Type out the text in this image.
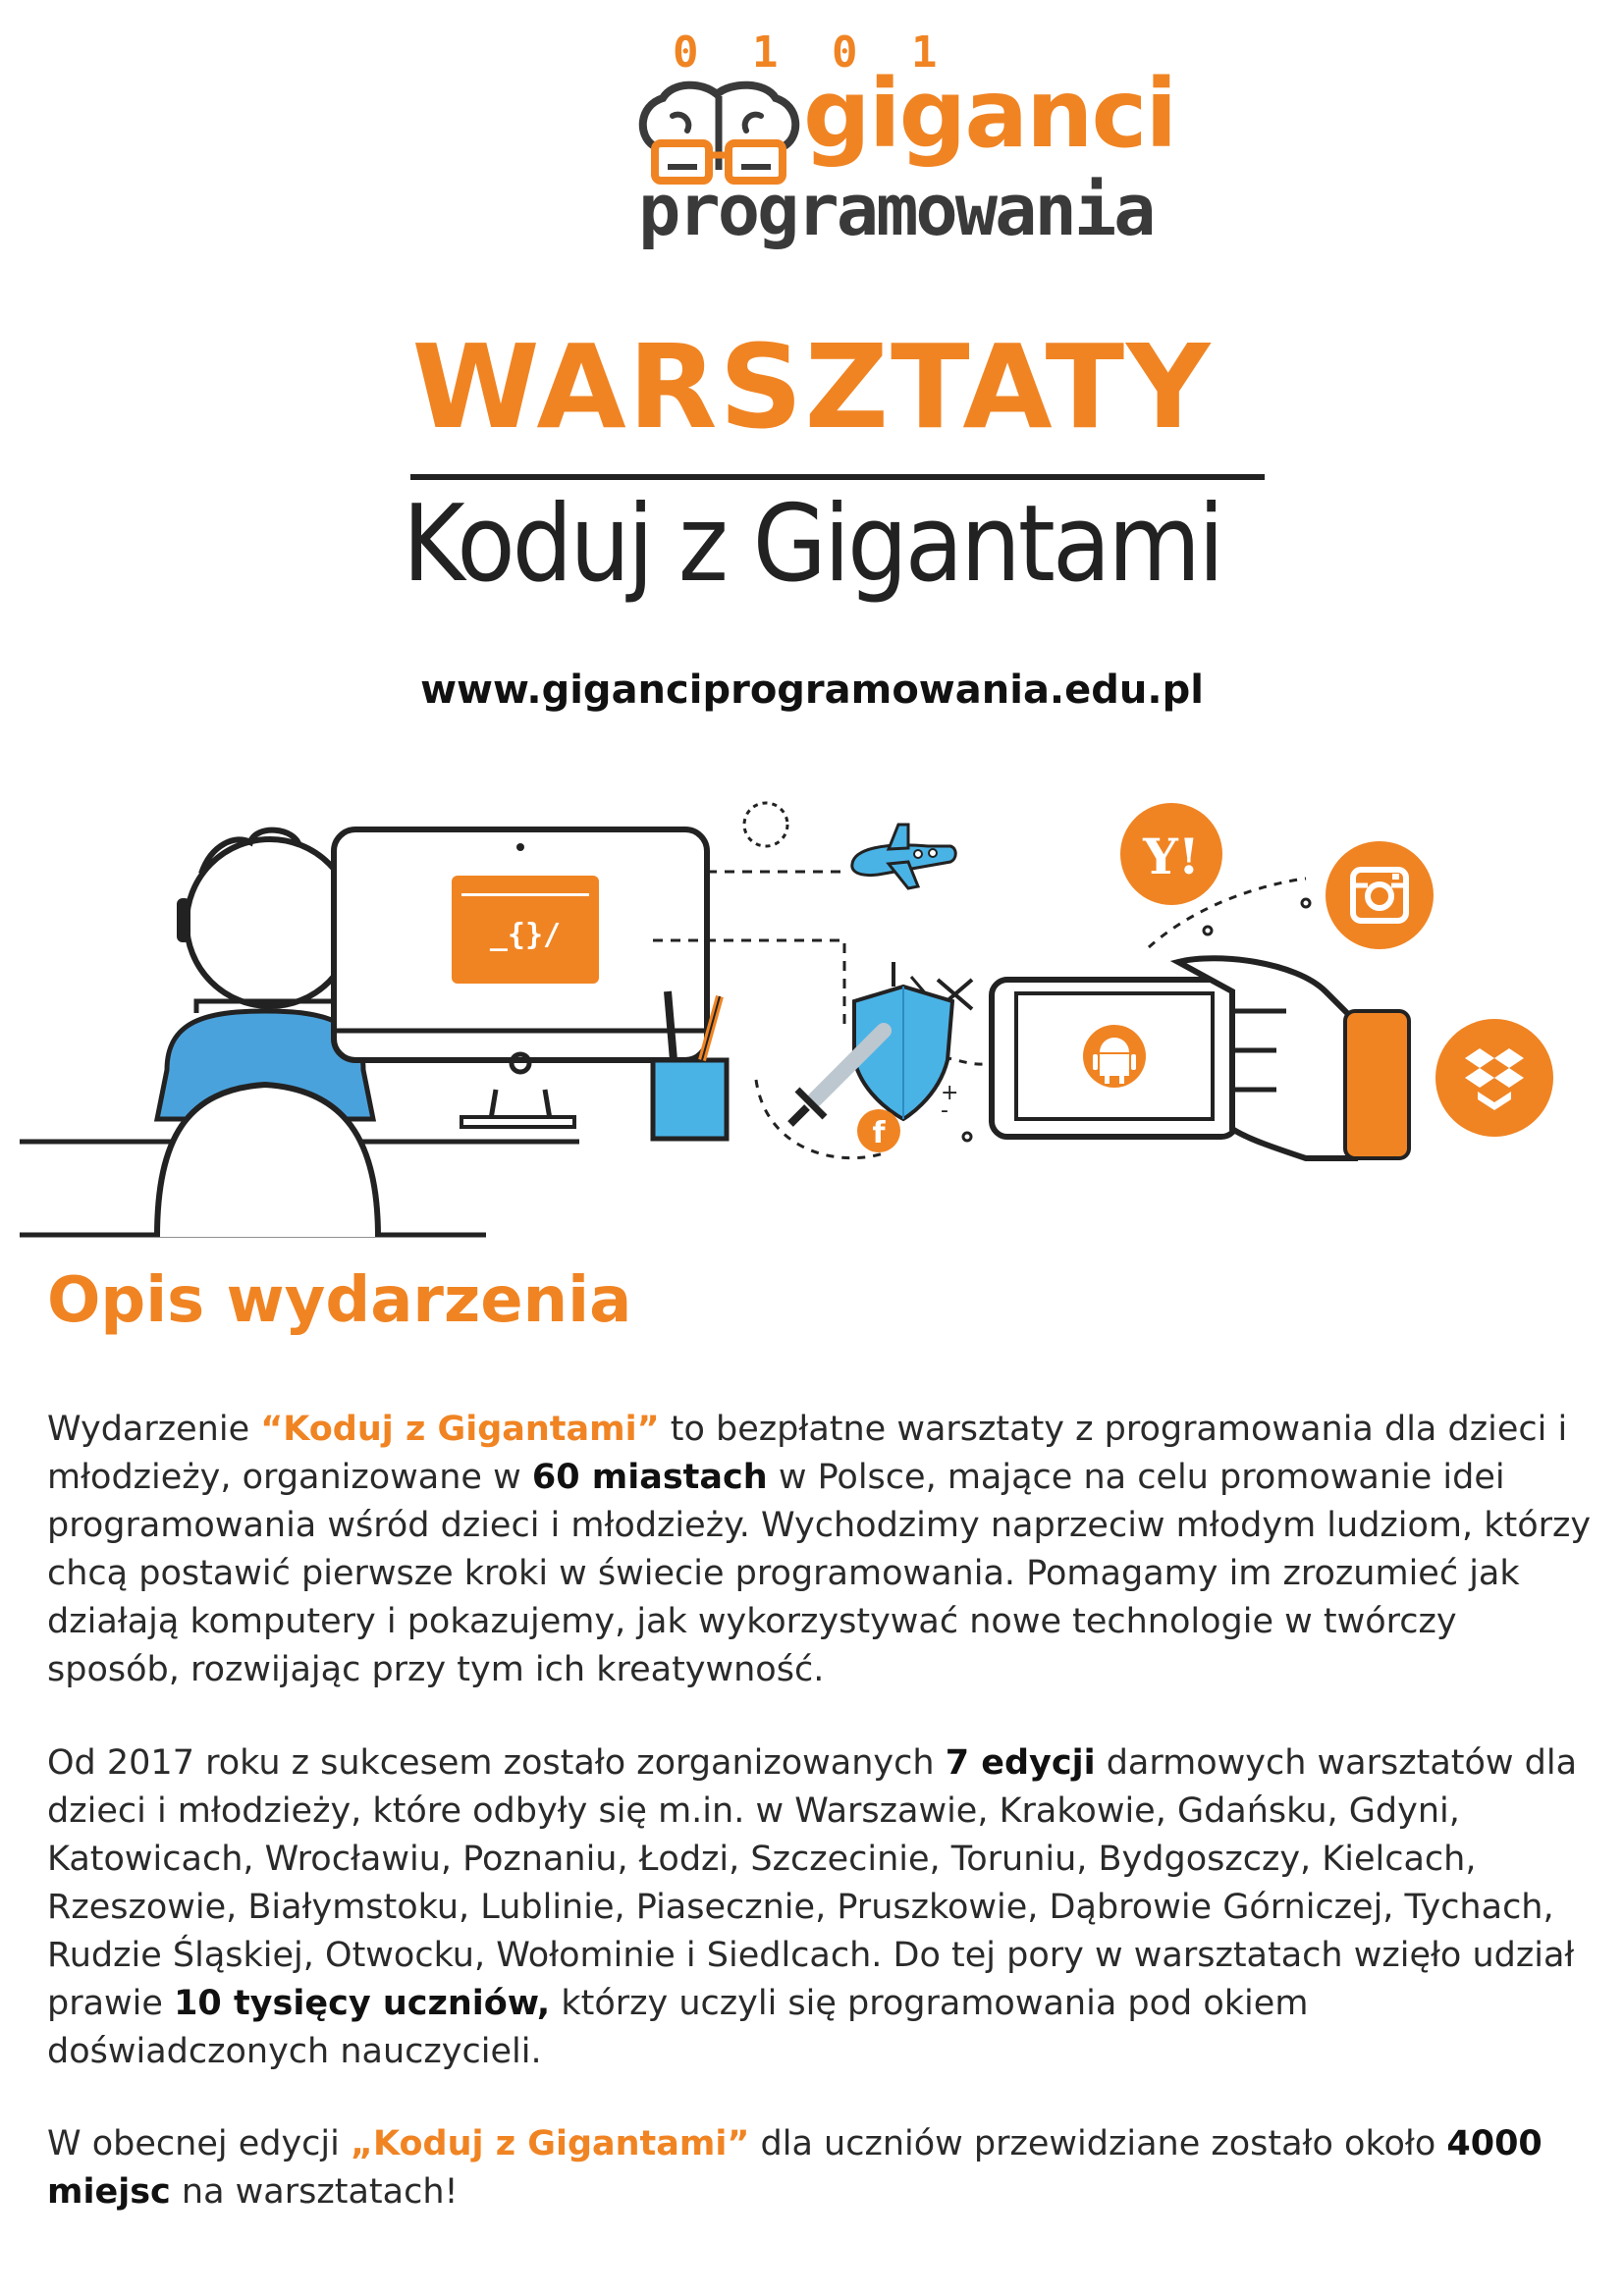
0 1 0 1
giganci
programowania
WARSZTATY
Koduj z Gigantami
www.giganciprogramowania.edu.pl
_{}/
+
-
f
Y!
Opis wydarzenia
Wydarzenie “Koduj z Gigantami” to bezpłatne warsztaty z programowania dla dzieci i młodzieży, organizowane w 60 miastach w Polsce, mające na celu promowanie idei programowania wśród dzieci i młodzieży. Wychodzimy naprzeciw młodym ludziom, którzy chcą postawić pierwsze kroki w świecie programowania. Pomagamy im zrozumieć jak działają komputery i pokazujemy, jak wykorzystywać nowe technologie w twórczy sposób, rozwijając przy tym ich kreatywność.
Od 2017 roku z sukcesem zostało zorganizowanych 7 edycji darmowych warsztatów dla dzieci i młodzieży, które odbyły się m.in. w Warszawie, Krakowie, Gdańsku, Gdyni, Katowicach, Wrocławiu, Poznaniu, Łodzi, Szczecinie, Toruniu, Bydgoszczy, Kielcach, Rzeszowie, Białymstoku, Lublinie, Piasecznie, Pruszkowie, Dąbrowie Górniczej, Tychach, Rudzie Śląskiej, Otwocku, Wołominie i Siedlcach. Do tej pory w warsztatach wzięło udział prawie 10 tysięcy uczniów, którzy uczyli się programowania pod okiem doświadczonych nauczycieli.
W obecnej edycji „Koduj z Gigantami” dla uczniów przewidziane zostało około 4000 miejsc na warsztatach!
